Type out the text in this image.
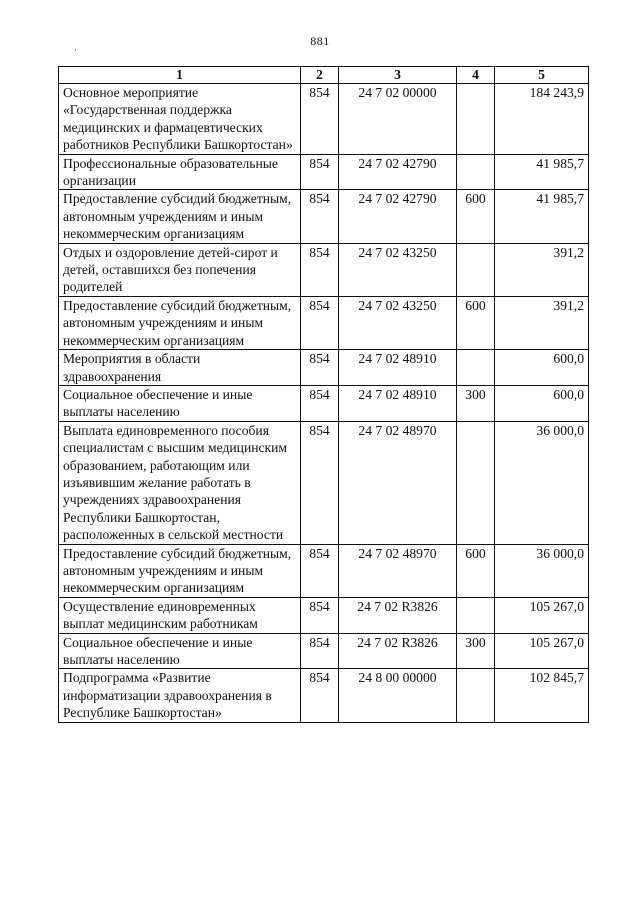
881
‚
1	2	3	4	5
Основное мероприятие «Государственная поддержка медицинских и фармацевтических работников Республики Башкортостан»	854	24 7 02 00000		184 243,9
Профессиональные образовательные организации	854	24 7 02 42790		41 985,7
Предоставление субсидий бюджетным, автономным учреждениям и иным некоммерческим организациям	854	24 7 02 42790	600	41 985,7
Отдых и оздоровление детей-сирот и детей, оставшихся без попечения родителей	854	24 7 02 43250		391,2
Предоставление субсидий бюджетным, автономным учреждениям и иным некоммерческим организациям	854	24 7 02 43250	600	391,2
Мероприятия в области здравоохранения	854	24 7 02 48910		600,0
Социальное обеспечение и иные выплаты населению	854	24 7 02 48910	300	600,0
Выплата единовременного пособия специалистам с высшим медицинским образованием, работающим или изъявившим желание работать в учреждениях здравоохранения Республики Башкортостан, расположенных в сельской местности	854	24 7 02 48970		36 000,0
Предоставление субсидий бюджетным, автономным учреждениям и иным некоммерческим организациям	854	24 7 02 48970	600	36 000,0
Осуществление единовременных выплат медицинским работникам	854	24 7 02 R3826		105 267,0
Социальное обеспечение и иные выплаты населению	854	24 7 02 R3826	300	105 267,0
Подпрограмма «Развитие информатизации здравоохранения в Республике Башкортостан»	854	24 8 00 00000		102 845,7
